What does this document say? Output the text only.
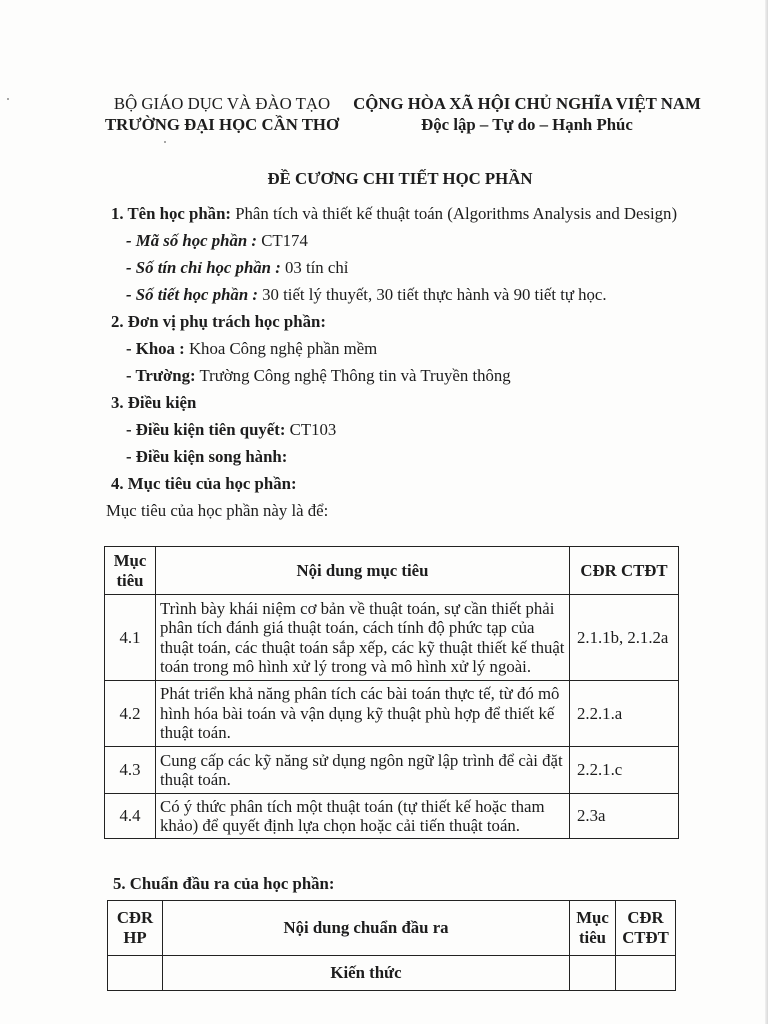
BỘ GIÁO DỤC VÀ ĐÀO TẠO
TRƯỜNG ĐẠI HỌC CẦN THƠ
CỘNG HÒA XÃ HỘI CHỦ NGHĨA VIỆT NAM
Độc lập – Tự do – Hạnh Phúc
ĐỀ CƯƠNG CHI TIẾT HỌC PHẦN
1. Tên học phần: Phân tích và thiết kế thuật toán (Algorithms Analysis and Design)
- Mã số học phần : CT174
- Số tín chỉ học phần : 03 tín chỉ
- Số tiết học phần : 30 tiết lý thuyết, 30 tiết thực hành và 90 tiết tự học.
2. Đơn vị phụ trách học phần:
- Khoa : Khoa Công nghệ phần mềm
- Trường: Trường Công nghệ Thông tin và Truyền thông
3. Điều kiện
- Điều kiện tiên quyết: CT103
- Điều kiện song hành:
4. Mục tiêu của học phần:
Mục tiêu của học phần này là để:
Mục tiêu
Nội dung mục tiêu	CĐR CTĐT
4.1
Trình bày khái niệm cơ bản về thuật toán, sự cần thiết phải phân tích đánh giá thuật toán, cách tính độ phức tạp của thuật toán, các thuật toán sắp xếp, các kỹ thuật thiết kế thuật toán trong mô hình xử lý trong và mô hình xử lý ngoài.
2.1.1b, 2.1.2a
4.2
Phát triển khả năng phân tích các bài toán thực tế, từ đó mô hình hóa bài toán và vận dụng kỹ thuật phù hợp để thiết kế thuật toán.
2.2.1.a
4.3
Cung cấp các kỹ năng sử dụng ngôn ngữ lập trình để cài đặt thuật toán.
2.2.1.c
4.4
Có ý thức phân tích một thuật toán (tự thiết kế hoặc tham khảo) để quyết định lựa chọn hoặc cải tiến thuật toán.
2.3a
5. Chuẩn đầu ra của học phần:
CĐR HP
Nội dung chuẩn đầu ra
Mục tiêu
CĐR CTĐT
Kiến thức
